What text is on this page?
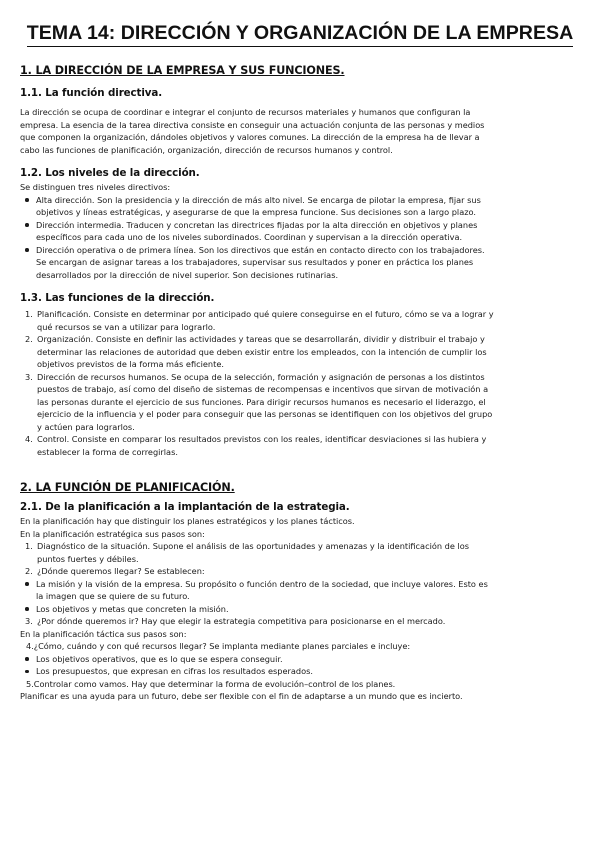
TEMA 14: DIRECCIÓN Y ORGANIZACIÓN DE LA EMPRESA

1. LA DIRECCIÓN DE LA EMPRESA Y SUS FUNCIONES.

1.1. La función directiva.

La dirección se ocupa de coordinar e integrar el conjunto de recursos materiales y humanos que configuran la

empresa. La esencia de la tarea directiva consiste en conseguir una actuación conjunta de las personas y medios

que componen la organización, dándoles objetivos y valores comunes. La dirección de la empresa ha de llevar a

cabo las funciones de planificación, organización, dirección de recursos humanos y control.

1.2. Los niveles de la dirección.

Se distinguen tres niveles directivos:

Alta dirección. Son la presidencia y la dirección de más alto nivel. Se encarga de pilotar la empresa, fijar sus
objetivos y líneas estratégicas, y asegurarse de que la empresa funcione. Sus decisiones son a largo plazo.
Dirección intermedia. Traducen y concretan las directrices fijadas por la alta dirección en objetivos y planes
específicos para cada uno de los niveles subordinados. Coordinan y supervisan a la dirección operativa.
Dirección operativa o de primera línea. Son los directivos que están en contacto directo con los trabajadores.
Se encargan de asignar tareas a los trabajadores, supervisar sus resultados y poner en práctica los planes
desarrollados por la dirección de nivel superior. Son decisiones rutinarias.

1.3. Las funciones de la dirección.

1. Planificación. Consiste en determinar por anticipado qué quiere conseguirse en el futuro, cómo se va a lograr y
qué recursos se van a utilizar para lograrlo.
2. Organización. Consiste en definir las actividades y tareas que se desarrollarán, dividir y distribuir el trabajo y
determinar las relaciones de autoridad que deben existir entre los empleados, con la intención de cumplir los
objetivos previstos de la forma más eficiente.
3. Dirección de recursos humanos. Se ocupa de la selección, formación y asignación de personas a los distintos
puestos de trabajo, así como del diseño de sistemas de recompensas e incentivos que sirvan de motivación a
las personas durante el ejercicio de sus funciones. Para dirigir recursos humanos es necesario el liderazgo, el
ejercicio de la influencia y el poder para conseguir que las personas se identifiquen con los objetivos del grupo
y actúen para lograrlos.
4. Control. Consiste en comparar los resultados previstos con los reales, identificar desviaciones si las hubiera y
establecer la forma de corregirlas.

2. LA FUNCIÓN DE PLANIFICACIÓN.

2.1. De la planificación a la implantación de la estrategia.

En la planificación hay que distinguir los planes estratégicos y los planes tácticos.

En la planificación estratégica sus pasos son:

1. Diagnóstico de la situación. Supone el análisis de las oportunidades y amenazas y la identificación de los
puntos fuertes y débiles.
2. ¿Dónde queremos llegar? Se establecen:
La misión y la visión de la empresa. Su propósito o función dentro de la sociedad, que incluye valores. Esto es
la imagen que se quiere de su futuro.
Los objetivos y metas que concreten la misión.
3. ¿Por dónde queremos ir? Hay que elegir la estrategia competitiva para posicionarse en el mercado.

En la planificación táctica sus pasos son:

4.¿Cómo, cuándo y con qué recursos llegar? Se implanta mediante planes parciales e incluye:

Los objetivos operativos, que es lo que se espera conseguir.
Los presupuestos, que expresan en cifras los resultados esperados.

5.Controlar como vamos. Hay que determinar la forma de evolución–control de los planes.

Planificar es una ayuda para un futuro, debe ser flexible con el fin de adaptarse a un mundo que es incierto.
